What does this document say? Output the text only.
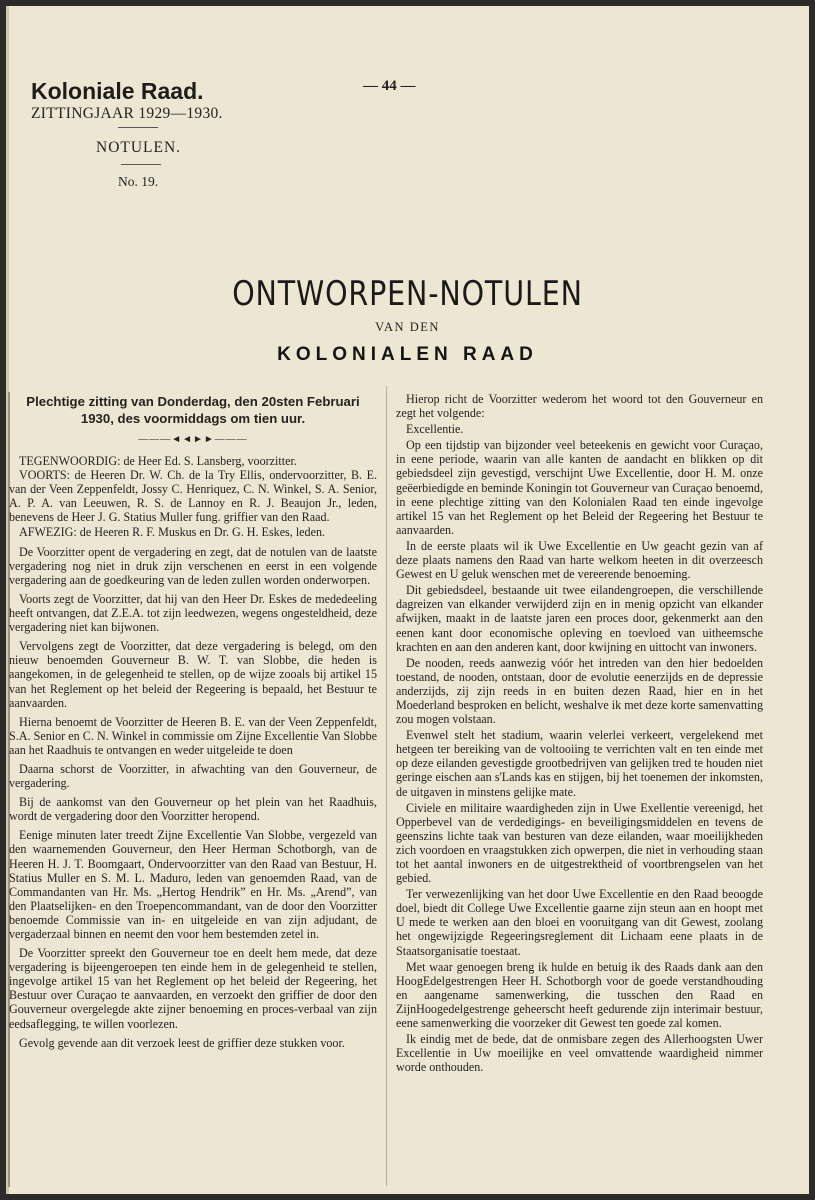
Koloniale Raad.
ZITTINGJAAR 1929—1930.
— 44 —
NOTULEN.
No. 19.
ONTWORPEN-NOTULEN
VAN DEN
KOLONIALEN RAAD

Plechtige zitting van Donderdag, den 20sten Februari 1930, des voormiddags om tien uur.

———◄◄►►———

TEGENWOORDIG: de Heer Ed. S. Lansberg, voorzitter.

VOORTS: de Heeren Dr. W. Ch. de la Try Ellis, ondervoorzitter, B. E. van der Veen Zeppenfeldt, Jossy C. Henriquez, C. N. Winkel, S. A. Senior, A. P. A. van Leeuwen, R. S. de Lannoy en R. J. Beaujon Jr., leden, benevens de Heer J. G. Statius Muller fung. griffier van den Raad.

AFWEZIG: de Heeren R. F. Muskus en Dr. G. H. Eskes, leden.

De Voorzitter opent de vergadering en zegt, dat de notulen van de laatste vergadering nog niet in druk zijn verschenen en eerst in een volgende vergadering aan de goedkeuring van de leden zullen worden onderworpen.

Voorts zegt de Voorzitter, dat hij van den Heer Dr. Eskes de mededeeling heeft ontvangen, dat Z.E.A. tot zijn leedwezen, wegens ongesteldheid, deze vergadering niet kan bijwonen.

Vervolgens zegt de Voorzitter, dat deze vergadering is belegd, om den nieuw benoemden Gouverneur B. W. T. van Slobbe, die heden is aangekomen, in de gelegenheid te stellen, op de wijze zooals bij artikel 15 van het Reglement op het beleid der Regeering is bepaald, het Bestuur te aanvaarden.

Hierna benoemt de Voorzitter de Heeren B. E. van der Veen Zeppenfeldt, S.A. Senior en C. N. Winkel in commissie om Zijne Excellentie Van Slobbe aan het Raadhuis te ontvangen en weder uitgeleide te doen

Daarna schorst de Voorzitter, in afwachting van den Gouverneur, de vergadering.

Bij de aankomst van den Gouverneur op het plein van het Raadhuis, wordt de vergadering door den Voorzitter heropend.

Eenige minuten later treedt Zijne Excellentie Van Slobbe, vergezeld van den waarnemenden Gouverneur, den Heer Herman Schotborgh, van de Heeren H. J. T. Boomgaart, Ondervoorzitter van den Raad van Bestuur, H. Statius Muller en S. M. L. Maduro, leden van genoemden Raad, van de Commandanten van Hr. Ms. „Hertog Hendrik” en Hr. Ms. „Arend”, van den Plaatselijken- en den Troepencommandant, van de door den Voorzitter benoemde Commissie van in- en uitgeleide en van zijn adjudant, de vergaderzaal binnen en neemt den voor hem bestemden zetel in.

De Voorzitter spreekt den Gouverneur toe en deelt hem mede, dat deze vergadering is bijeengeroepen ten einde hem in de gelegenheid te stellen, ingevolge artikel 15 van het Reglement op het beleid der Regeering, het Bestuur over Curaçao te aanvaarden, en verzoekt den griffier de door den Gouverneur overgelegde akte zijner benoeming en proces-verbaal van zijn eedsaflegging, te willen voorlezen.

Gevolg gevende aan dit verzoek leest de griffier deze stukken voor.

Hierop richt de Voorzitter wederom het woord tot den Gouverneur en zegt het volgende:

Excellentie.

Op een tijdstip van bijzonder veel beteekenis en gewicht voor Curaçao, in eene periode, waarin van alle kanten de aandacht en blikken op dit gebiedsdeel zijn gevestigd, verschijnt Uwe Excellentie, door H. M. onze geëerbiedigde en beminde Koningin tot Gouverneur van Curaçao benoemd, in eene plechtige zitting van den Kolonialen Raad ten einde ingevolge artikel 15 van het Reglement op het Beleid der Regeering het Bestuur te aanvaarden.

In de eerste plaats wil ik Uwe Excellentie en Uw geacht gezin van af deze plaats namens den Raad van harte welkom heeten in dit overzeesch Gewest en U geluk wenschen met de vereerende benoeming.

Dit gebiedsdeel, bestaande uit twee eilandengroepen, die verschillende dagreizen van elkander verwijderd zijn en in menig opzicht van elkander afwijken, maakt in de laatste jaren een proces door, gekenmerkt aan den eenen kant door economische opleving en toevloed van uitheemsche krachten en aan den anderen kant, door kwijning en uittocht van inwoners.

De nooden, reeds aanwezig vóór het intreden van den hier bedoelden toestand, de nooden, ontstaan, door de evolutie eenerzijds en de depressie anderzijds, zij zijn reeds in en buiten dezen Raad, hier en in het Moederland besproken en belicht, weshalve ik met deze korte samenvatting zou mogen volstaan.

Evenwel stelt het stadium, waarin velerlei verkeert, vergelekend met hetgeen ter bereiking van de voltooiing te verrichten valt en ten einde met op deze eilanden gevestigde grootbedrijven van gelijken tred te houden niet geringe eischen aan s'Lands kas en stijgen, bij het toenemen der inkomsten, de uitgaven in minstens gelijke mate.

Civiele en militaire waardigheden zijn in Uwe Exellentie vereenigd, het Opperbevel van de verdedigings- en beveiligingsmiddelen en tevens de geenszins lichte taak van besturen van deze eilanden, waar moeilijkheden zich voordoen en vraagstukken zich opwerpen, die niet in verhouding staan tot het aantal inwoners en de uitgestrektheid of voortbrengselen van het gebied.

Ter verwezenlijking van het door Uwe Excellentie en den Raad beoogde doel, biedt dit College Uwe Excellentie gaarne zijn steun aan en hoopt met U mede te werken aan den bloei en vooruitgang van dit Gewest, zoolang het ongewijzigde Regeeringsreglement dit Lichaam eene plaats in de Staatsorganisatie toestaat.

Met waar genoegen breng ik hulde en betuig ik des Raads dank aan den HoogEdelgestrengen Heer H. Schotborgh voor de goede verstandhouding en aangename samenwerking, die tusschen den Raad en ZijnHoogedelgestrenge geheerscht heeft gedurende zijn interimair bestuur, eene samenwerking die voorzeker dit Gewest ten goede zal komen.

Ik eindig met de bede, dat de onmisbare zegen des Allerhoogsten Uwer Excellentie in Uw moeilijke en veel omvattende waardigheid nimmer worde onthouden.
